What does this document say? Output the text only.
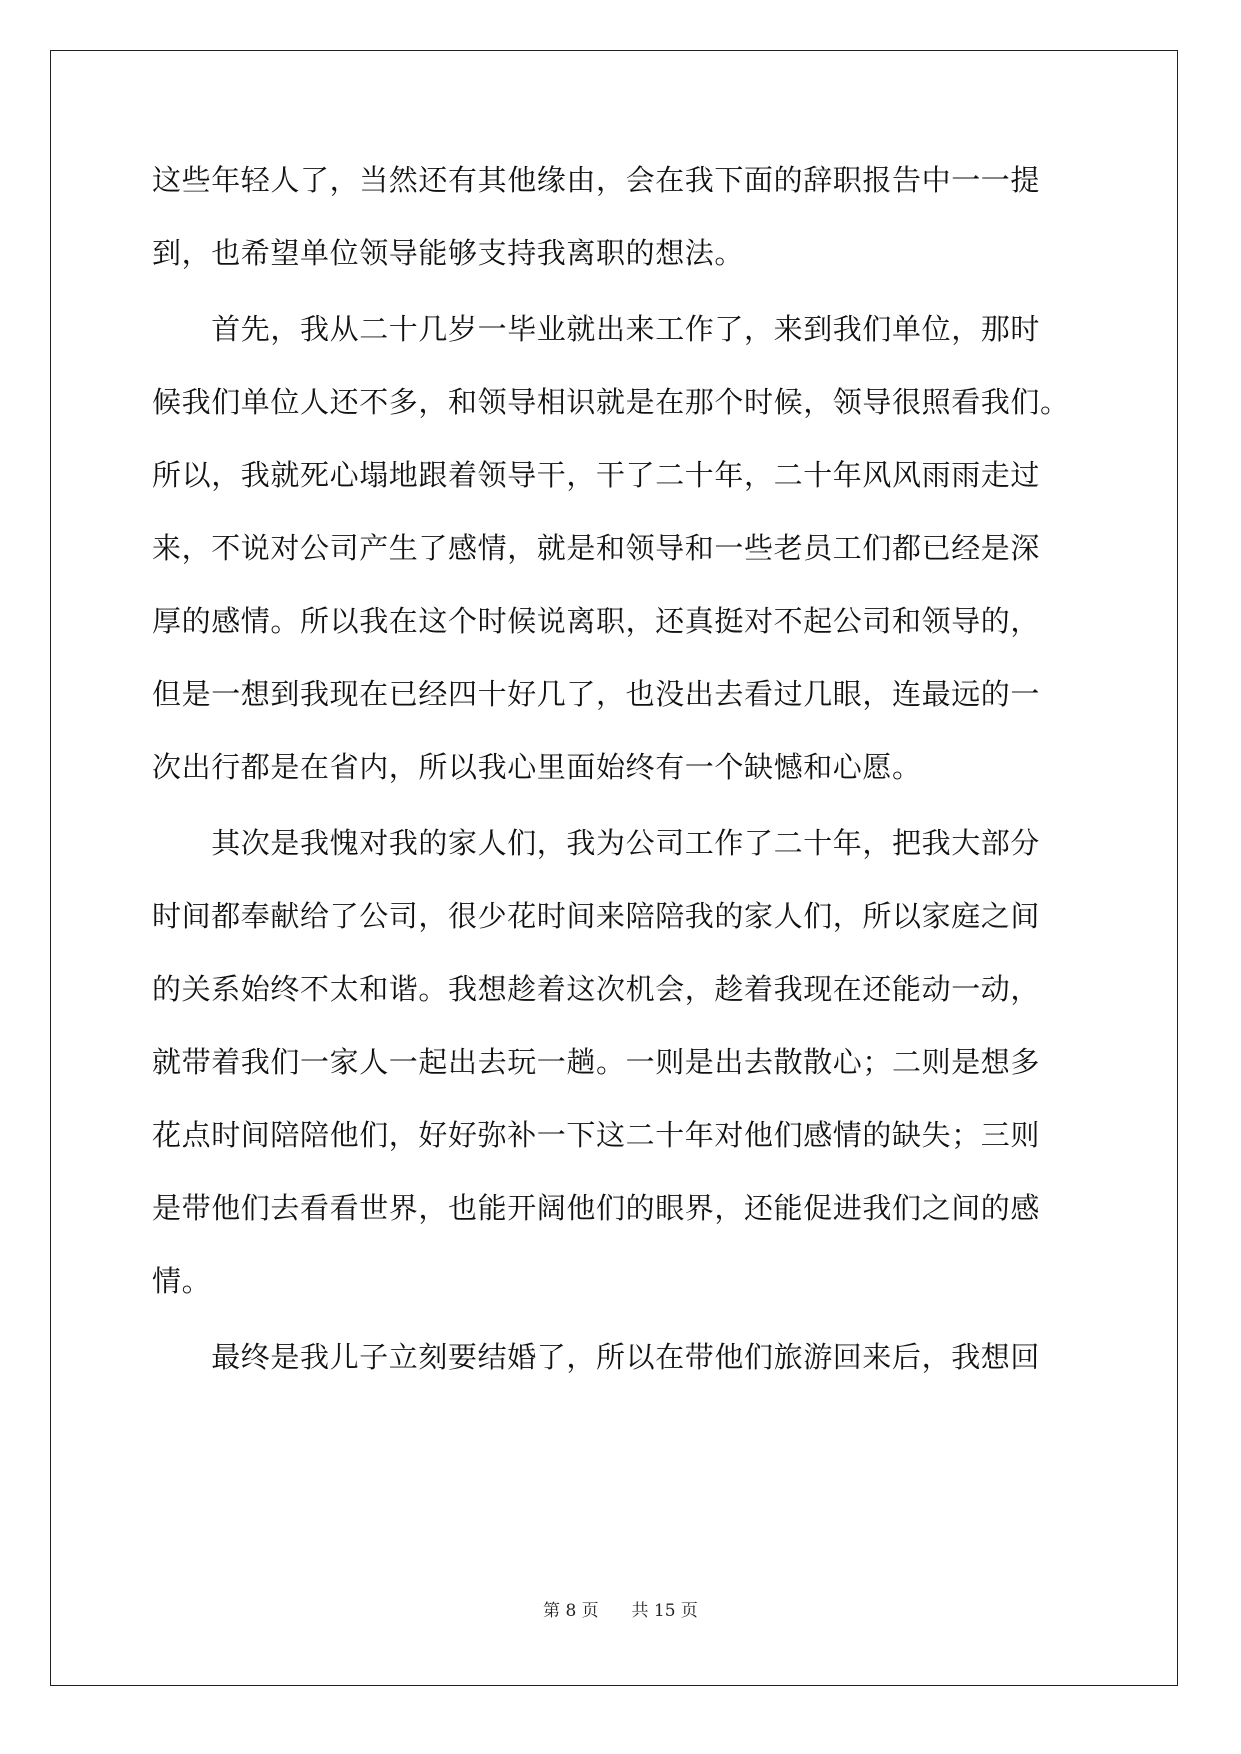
这些年轻人了，当然还有其他缘由，会在我下面的辞职报告中一一提
到，也希望单位领导能够支持我离职的想法。
　　首先，我从二十几岁一毕业就出来工作了，来到我们单位，那时
候我们单位人还不多，和领导相识就是在那个时候，领导很照看我们。
所以，我就死心塌地跟着领导干，干了二十年，二十年风风雨雨走过
来，不说对公司产生了感情，就是和领导和一些老员工们都已经是深
厚的感情。所以我在这个时候说离职，还真挺对不起公司和领导的，
但是一想到我现在已经四十好几了，也没出去看过几眼，连最远的一
次出行都是在省内，所以我心里面始终有一个缺憾和心愿。
　　其次是我愧对我的家人们，我为公司工作了二十年，把我大部分
时间都奉献给了公司，很少花时间来陪陪我的家人们，所以家庭之间
的关系始终不太和谐。我想趁着这次机会，趁着我现在还能动一动，
就带着我们一家人一起出去玩一趟。一则是出去散散心；二则是想多
花点时间陪陪他们，好好弥补一下这二十年对他们感情的缺失；三则
是带他们去看看世界，也能开阔他们的眼界，还能促进我们之间的感
情。
　　最终是我儿子立刻要结婚了，所以在带他们旅游回来后，我想回
第 8 页 共 15 页
